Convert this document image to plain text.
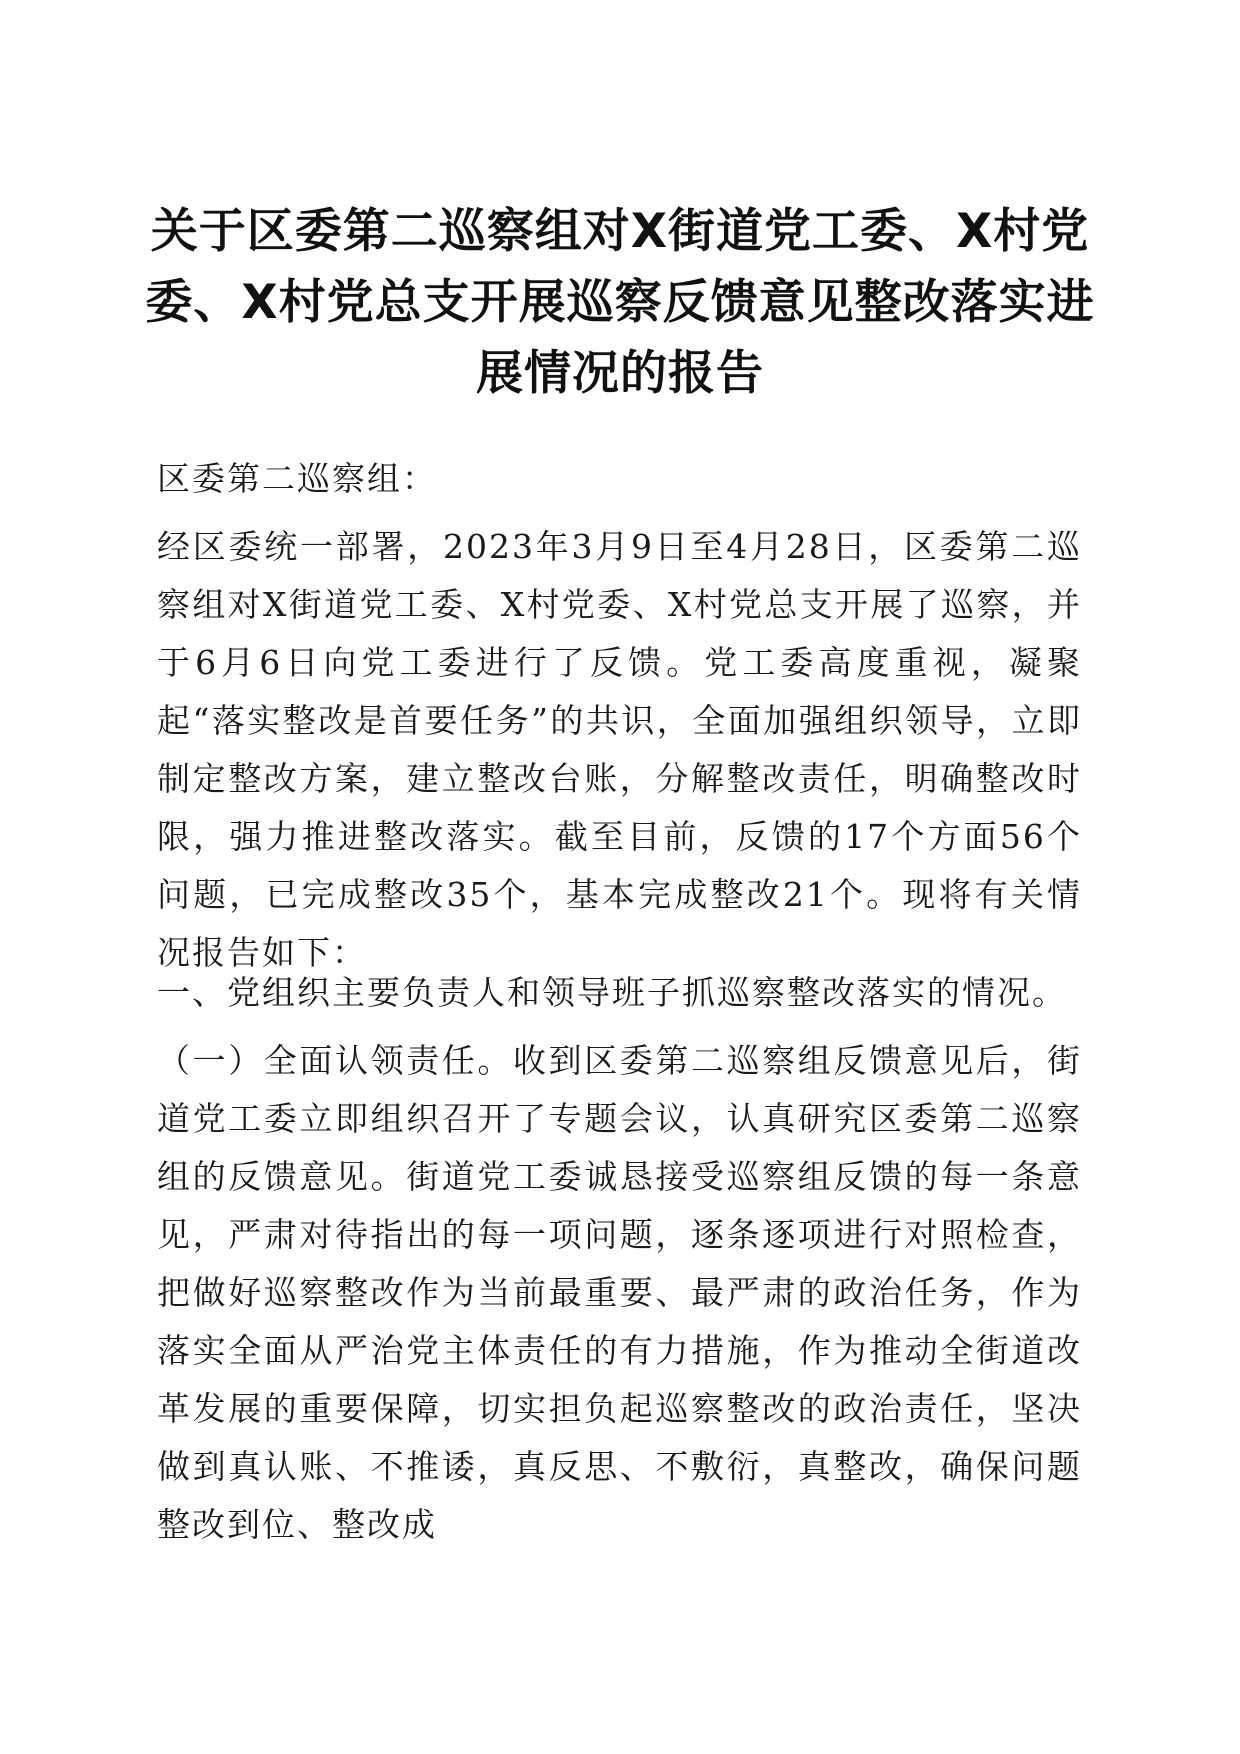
关于区委第二巡察组对X街道党工委、X村党委、X村党总支开展巡察反馈意见整改落实进展情况的报告

区委第二巡察组：

经区委统一部署，2023年3月9日至4月28日，区委第二巡察组对X街道党工委、X村党委、X村党总支开展了巡察，并于6月6日向党工委进行了反馈。党工委高度重视，凝聚起“落实整改是首要任务”的共识，全面加强组织领导，立即制定整改方案，建立整改台账，分解整改责任，明确整改时限，强力推进整改落实。截至目前，反馈的17个方面56个问题，已完成整改35个，基本完成整改21个。现将有关情况报告如下：

一、党组织主要负责人和领导班子抓巡察整改落实的情况。

（一）全面认领责任。收到区委第二巡察组反馈意见后，街道党工委立即组织召开了专题会议，认真研究区委第二巡察组的反馈意见。街道党工委诚恳接受巡察组反馈的每一条意见，严肃对待指出的每一项问题，逐条逐项进行对照检查，把做好巡察整改作为当前最重要、最严肃的政治任务，作为落实全面从严治党主体责任的有力措施，作为推动全街道改革发展的重要保障，切实担负起巡察整改的政治责任，坚决做到真认账、不推诿，真反思、不敷衍，真整改，确保问题整改到位、整改成
